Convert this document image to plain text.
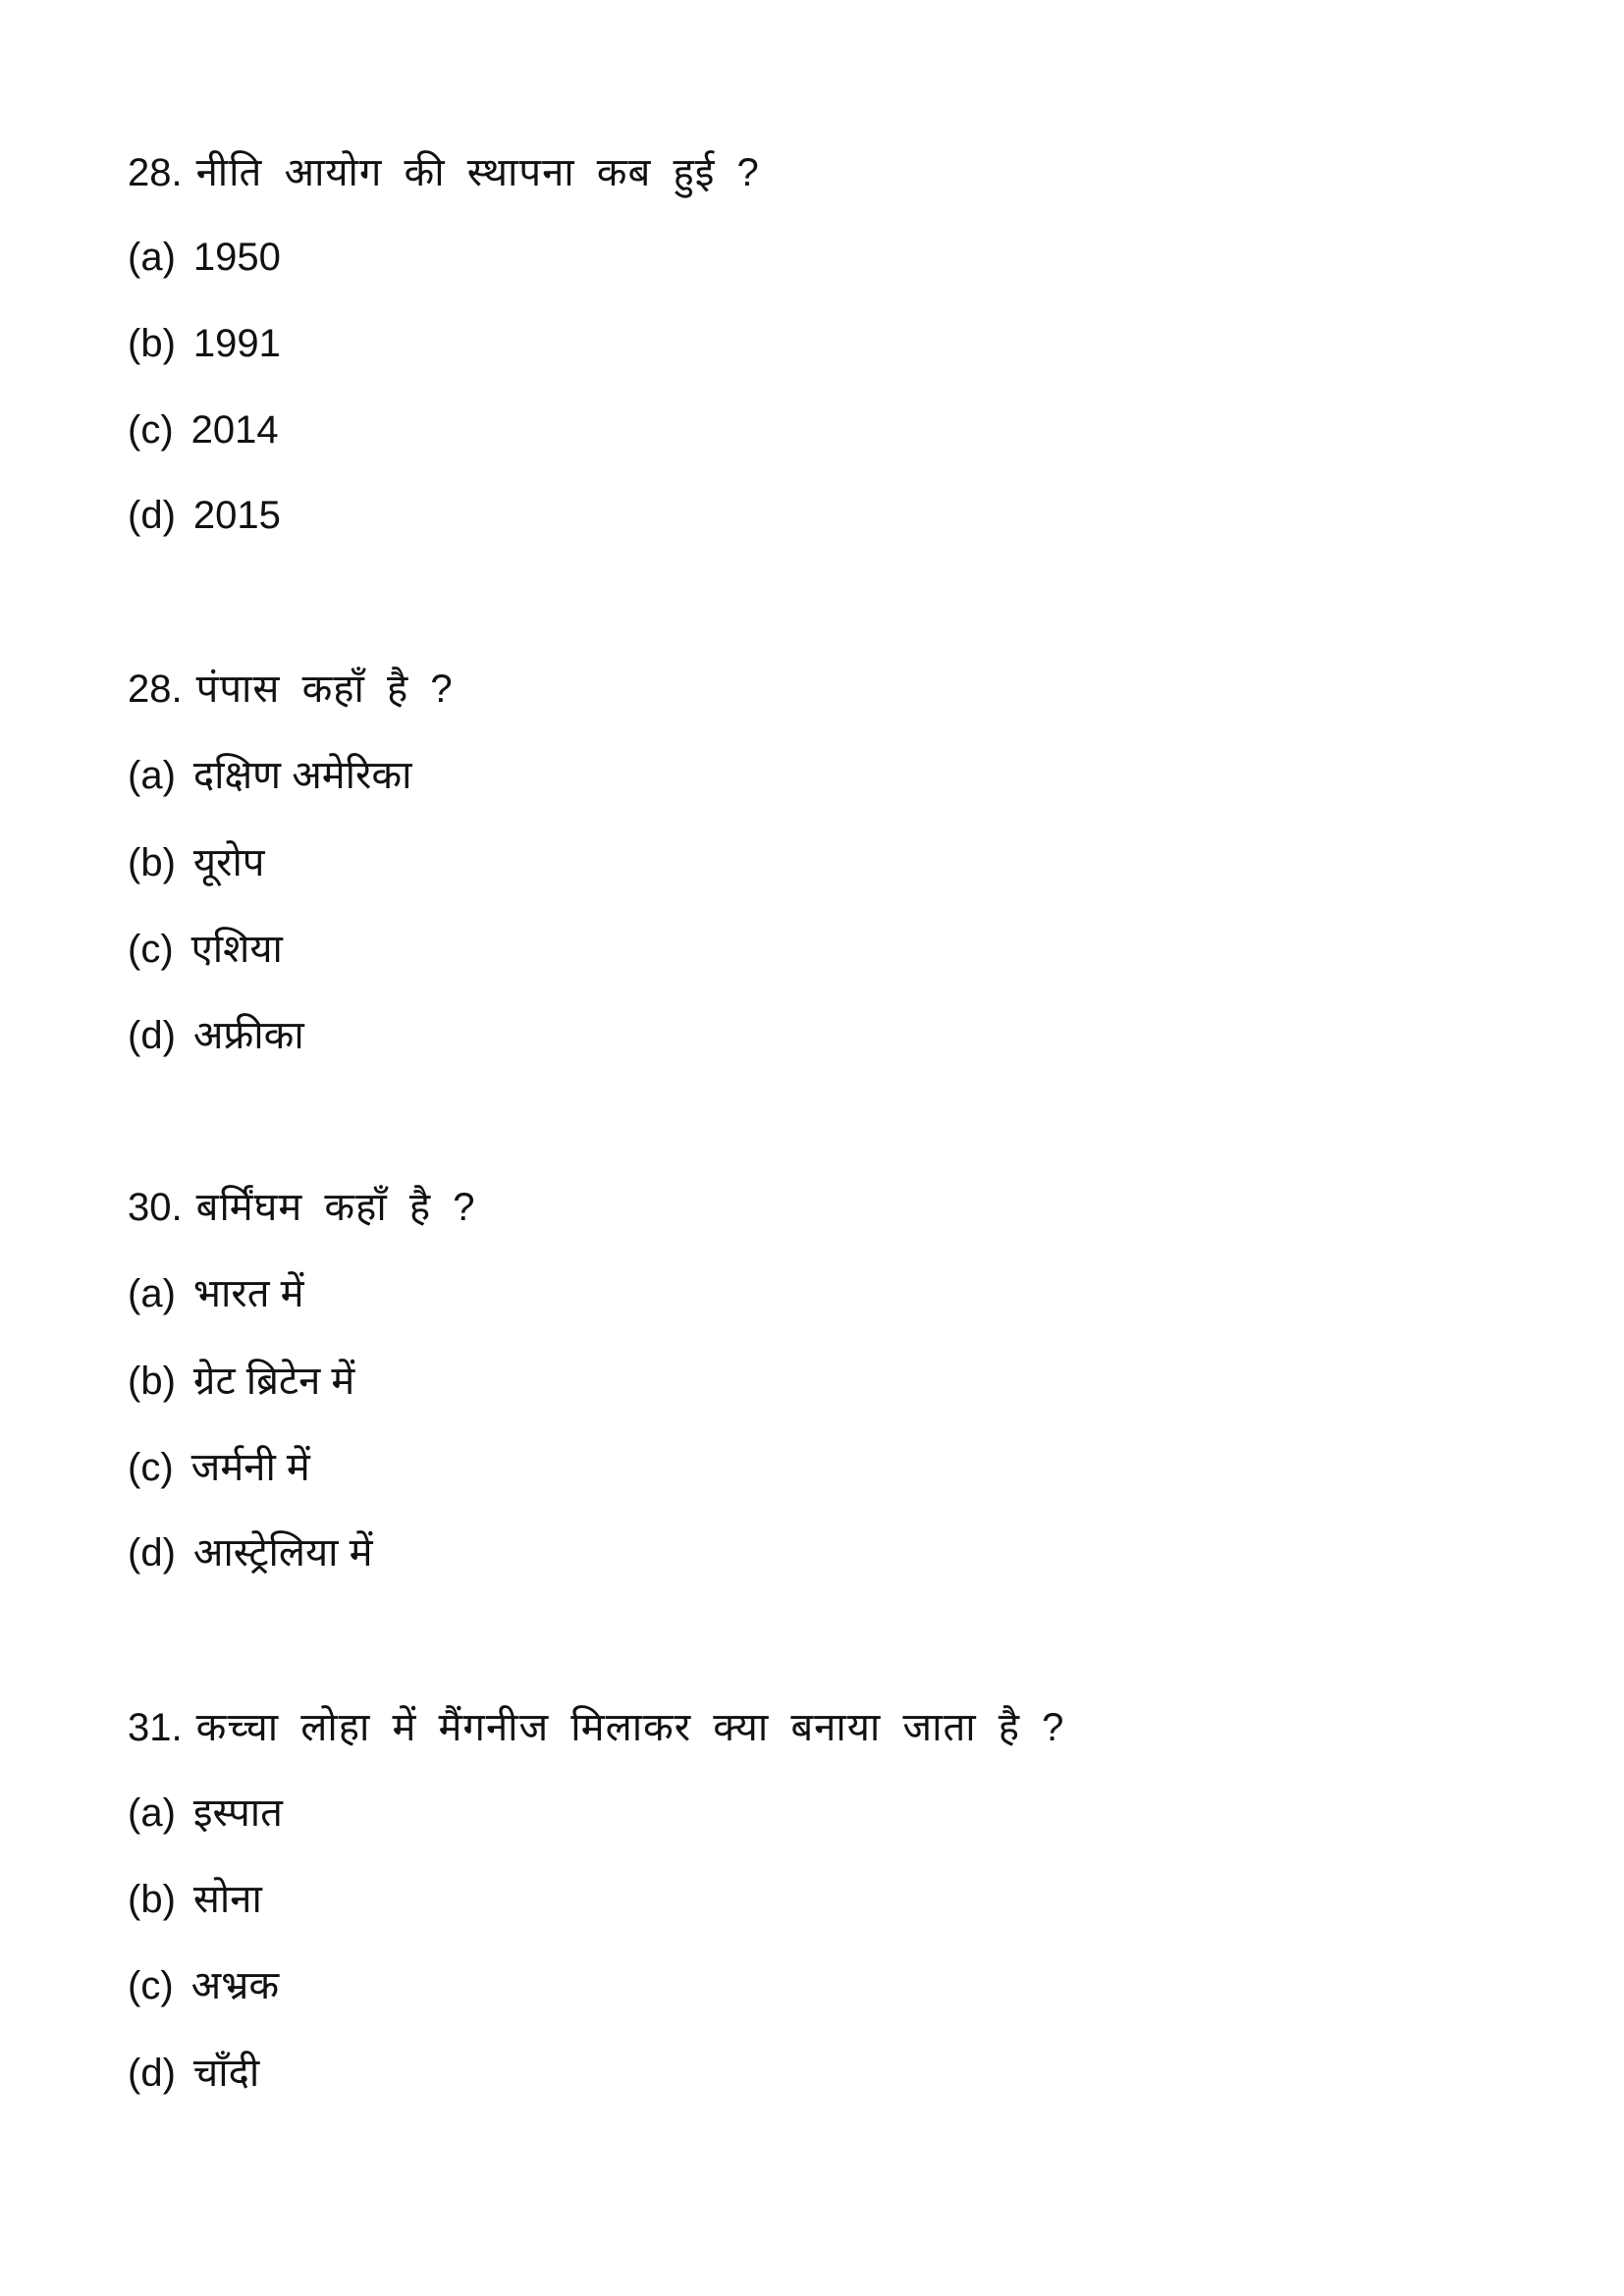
28. नीति आयोग की स्थापना कब हुई ?
(a) 1950
(b) 1991
(c) 2014
(d) 2015
28. पंपास कहाँ है ?
(a) दक्षिण अमेरिका
(b) यूरोप
(c) एशिया
(d) अफ्रीका
30. बर्मिंघम कहाँ है ?
(a) भारत में
(b) ग्रेट ब्रिटेन में
(c) जर्मनी में
(d) आस्ट्रेलिया में
31. कच्चा लोहा में मैंगनीज मिलाकर क्या बनाया जाता है ?
(a) इस्पात
(b) सोना
(c) अभ्रक
(d) चाँदी
